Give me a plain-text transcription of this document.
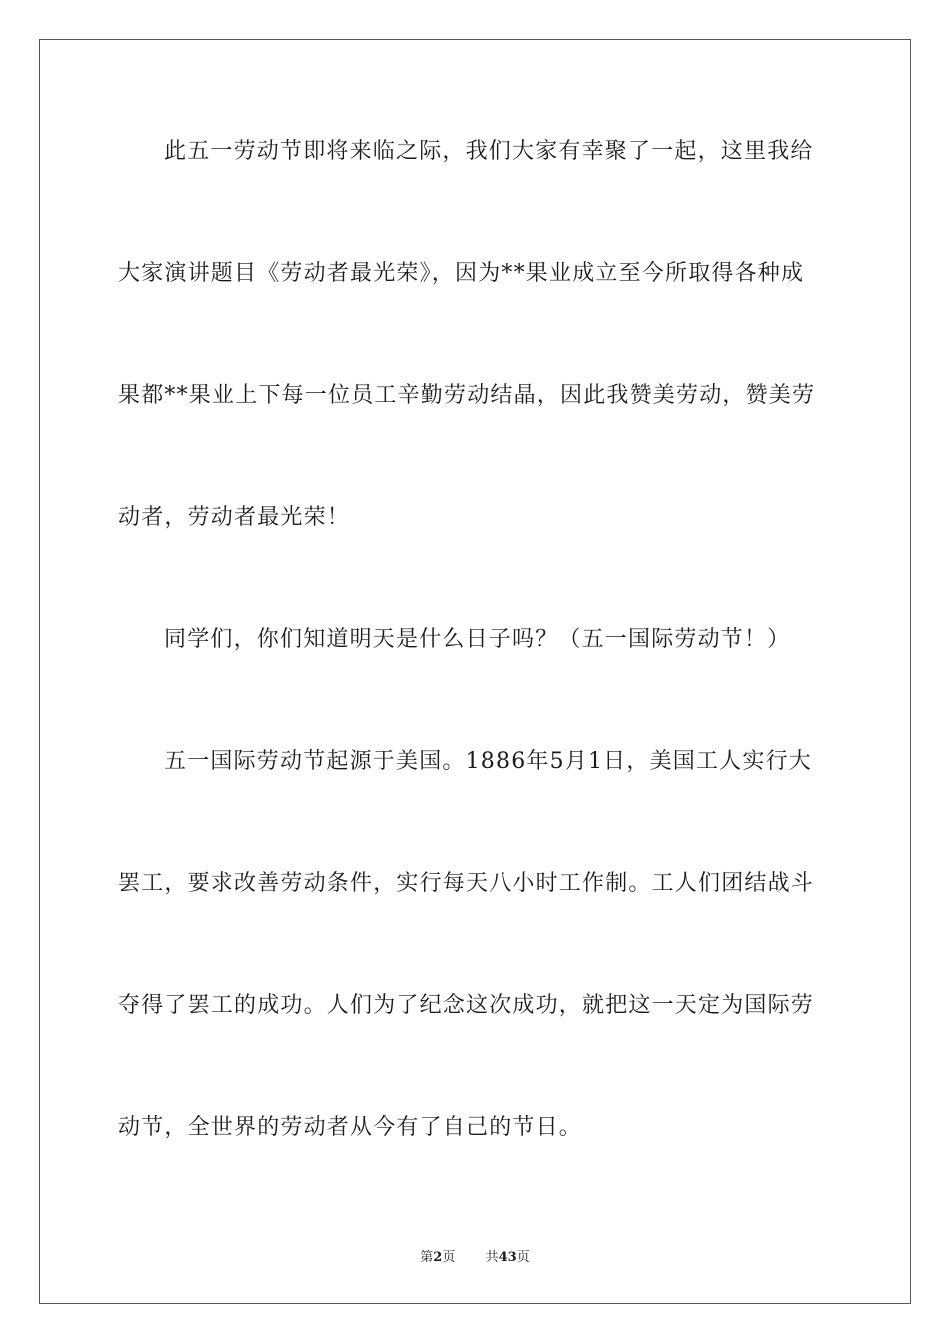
此五一劳动节即将来临之际，我们大家有幸聚了一起，这里我给
大家演讲题目《劳动者最光荣》，因为**果业成立至今所取得各种成
果都**果业上下每一位员工辛勤劳动结晶，因此我赞美劳动，赞美劳
动者，劳动者最光荣！
同学们，你们知道明天是什么日子吗？（五一国际劳动节！）
五一国际劳动节起源于美国。1886年5月1日，美国工人实行大
罢工，要求改善劳动条件，实行每天八小时工作制。工人们团结战斗
夺得了罢工的成功。人们为了纪念这次成功，就把这一天定为国际劳
动节，全世界的劳动者从今有了自己的节日。
第2页 共43页
